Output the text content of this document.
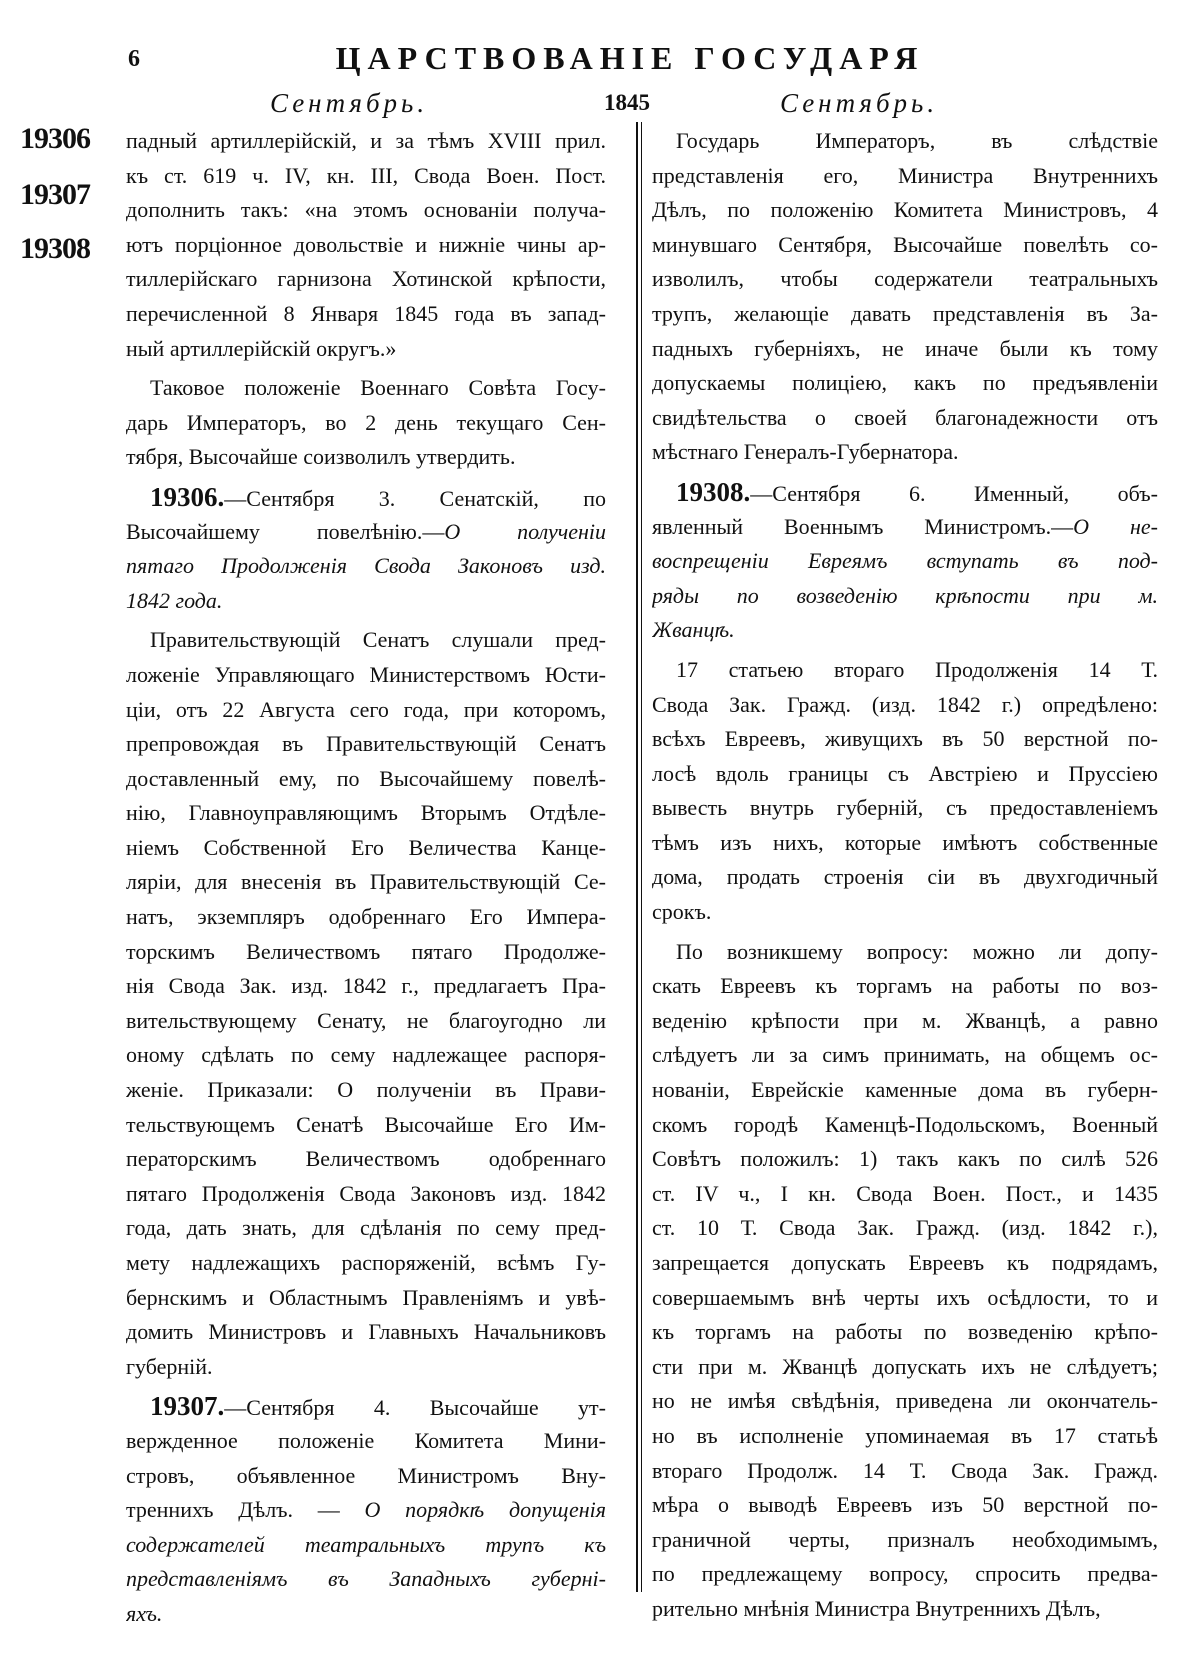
6	ЦАРСТВОВАНІЕ ГОСУДАРЯ
Сентябрь.	1845	Сентябрь.
19306
19307
19308
падный артиллерійскій, и за тѣмъ XVIII прил.
къ ст. 619 ч. IV, кн. III, Свода Воен. Пост.
дополнить такъ: «на этомъ основаніи получа-
ютъ порціонное довольствіе и нижніе чины ар-
тиллерійскаго гарнизона Хотинской крѣпости,
перечисленной 8 Января 1845 года въ запад-
ный артиллерійскій округъ.»
Таковое положеніе Военнаго Совѣта Госу-
дарь Императоръ, во 2 день текущаго Сен-
тября, Высочайше соизволилъ утвердить.
19306.—Сентября 3. Сенатскій, по
Высочайшему повелѣнію.—О полученіи
пятаго Продолженія Свода Законовъ изд.
1842 года.
Правительствующій Сенатъ слушали пред-
ложеніе Управляющаго Министерствомъ Юсти-
ціи, отъ 22 Августа сего года, при которомъ,
препровождая въ Правительствующій Сенатъ
доставленный ему, по Высочайшему повелѣ-
нію, Главноуправляющимъ Вторымъ Отдѣле-
ніемъ Собственной Его Величества Канце-
ляріи, для внесенія въ Правительствующій Се-
натъ, экземпляръ одобреннаго Его Импера-
торскимъ Величествомъ пятаго Продолже-
нія Свода Зак. изд. 1842 г., предлагаетъ Пра-
вительствующему Сенату, не благоугодно ли
оному сдѣлать по сему надлежащее распоря-
женіе. Приказали: О полученіи въ Прави-
тельствующемъ Сенатѣ Высочайше Его Им-
ператорскимъ Величествомъ одобреннаго
пятаго Продолженія Свода Законовъ изд. 1842
года, дать знать, для сдѣланія по сему пред-
мету надлежащихъ распоряженій, всѣмъ Гу-
бернскимъ и Областнымъ Правленіямъ и увѣ-
домить Министровъ и Главныхъ Начальниковъ
губерній.
19307.—Сентября 4. Высочайше ут-
вержденное положеніе Комитета Мини-
стровъ, объявленное Министромъ Вну-
треннихъ Дѣлъ. — О порядкѣ допущенія
содержателей театральныхъ трупъ къ
представленіямъ въ Западныхъ губерні-
яхъ.
Государь Императоръ, въ слѣдствіе
представленія его, Министра Внутреннихъ
Дѣлъ, по положенію Комитета Министровъ, 4
минувшаго Сентября, Высочайше повелѣть со-
изволилъ, чтобы содержатели театральныхъ
трупъ, желающіе давать представленія въ За-
падныхъ губерніяхъ, не иначе были къ тому
допускаемы полиціею, какъ по предъявленіи
свидѣтельства о своей благонадежности отъ
мѣстнаго Генералъ-Губернатора.
19308.—Сентября 6. Именный, объ-
явленный Военнымъ Министромъ.—О не-
воспрещеніи Евреямъ вступать въ под-
ряды по возведенію крѣпости при м.
Жванцѣ.
17 статьею втораго Продолженія 14 Т.
Свода Зак. Гражд. (изд. 1842 г.) опредѣлено:
всѣхъ Евреевъ, живущихъ въ 50 верстной по-
лосѣ вдоль границы съ Австріею и Пруссіею
вывесть внутрь губерній, съ предоставленіемъ
тѣмъ изъ нихъ, которые имѣютъ собственные
дома, продать строенія сіи въ двухгодичный
срокъ.
По возникшему вопросу: можно ли допу-
скать Евреевъ къ торгамъ на работы по воз-
веденію крѣпости при м. Жванцѣ, а равно
слѣдуетъ ли за симъ принимать, на общемъ ос-
нованіи, Еврейскіе каменные дома въ губерн-
скомъ городѣ Каменцѣ-Подольскомъ, Военный
Совѣтъ положилъ: 1) такъ какъ по силѣ 526
ст. IV ч., I кн. Свода Воен. Пост., и 1435
ст. 10 Т. Свода Зак. Гражд. (изд. 1842 г.),
запрещается допускать Евреевъ къ подрядамъ,
совершаемымъ внѣ черты ихъ осѣдлости, то и
къ торгамъ на работы по возведенію крѣпо-
сти при м. Жванцѣ допускать ихъ не слѣдуетъ;
но не имѣя свѣдѣнія, приведена ли окончатель-
но въ исполненіе упоминаемая въ 17 статьѣ
втораго Продолж. 14 Т. Свода Зак. Гражд.
мѣра о выводѣ Евреевъ изъ 50 верстной по-
граничной черты, призналъ необходимымъ,
по предлежащему вопросу, спросить предва-
рительно мнѣнія Министра Внутреннихъ Дѣлъ,
